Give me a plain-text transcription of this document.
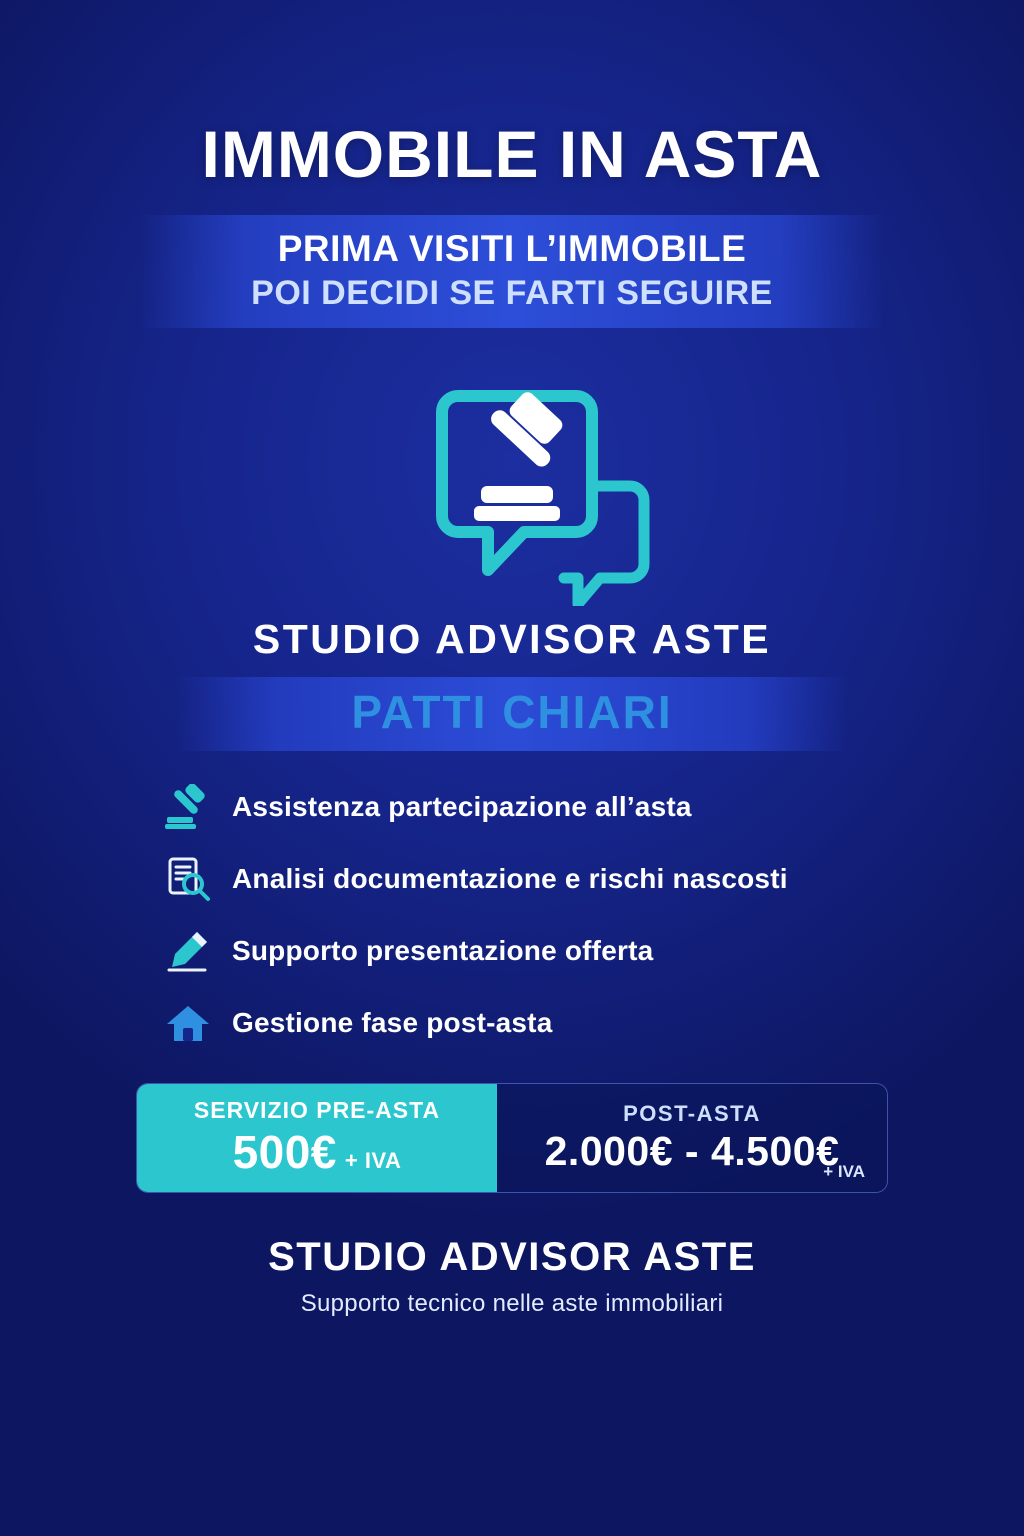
IMMOBILE IN ASTA
PRIMA VISITI L’IMMOBILE
POI DECIDI SE FARTI SEGUIRE
STUDIO ADVISOR ASTE
PATTI CHIARI
Assistenza partecipazione all’asta
Analisi documentazione e rischi nascosti
Supporto presentazione offerta
Gestione fase post-asta
SERVIZIO PRE-ASTA
500€ + IVA
POST-ASTA
2.000€ - 4.500€
+ IVA
STUDIO ADVISOR ASTE
Supporto tecnico nelle aste immobiliari
